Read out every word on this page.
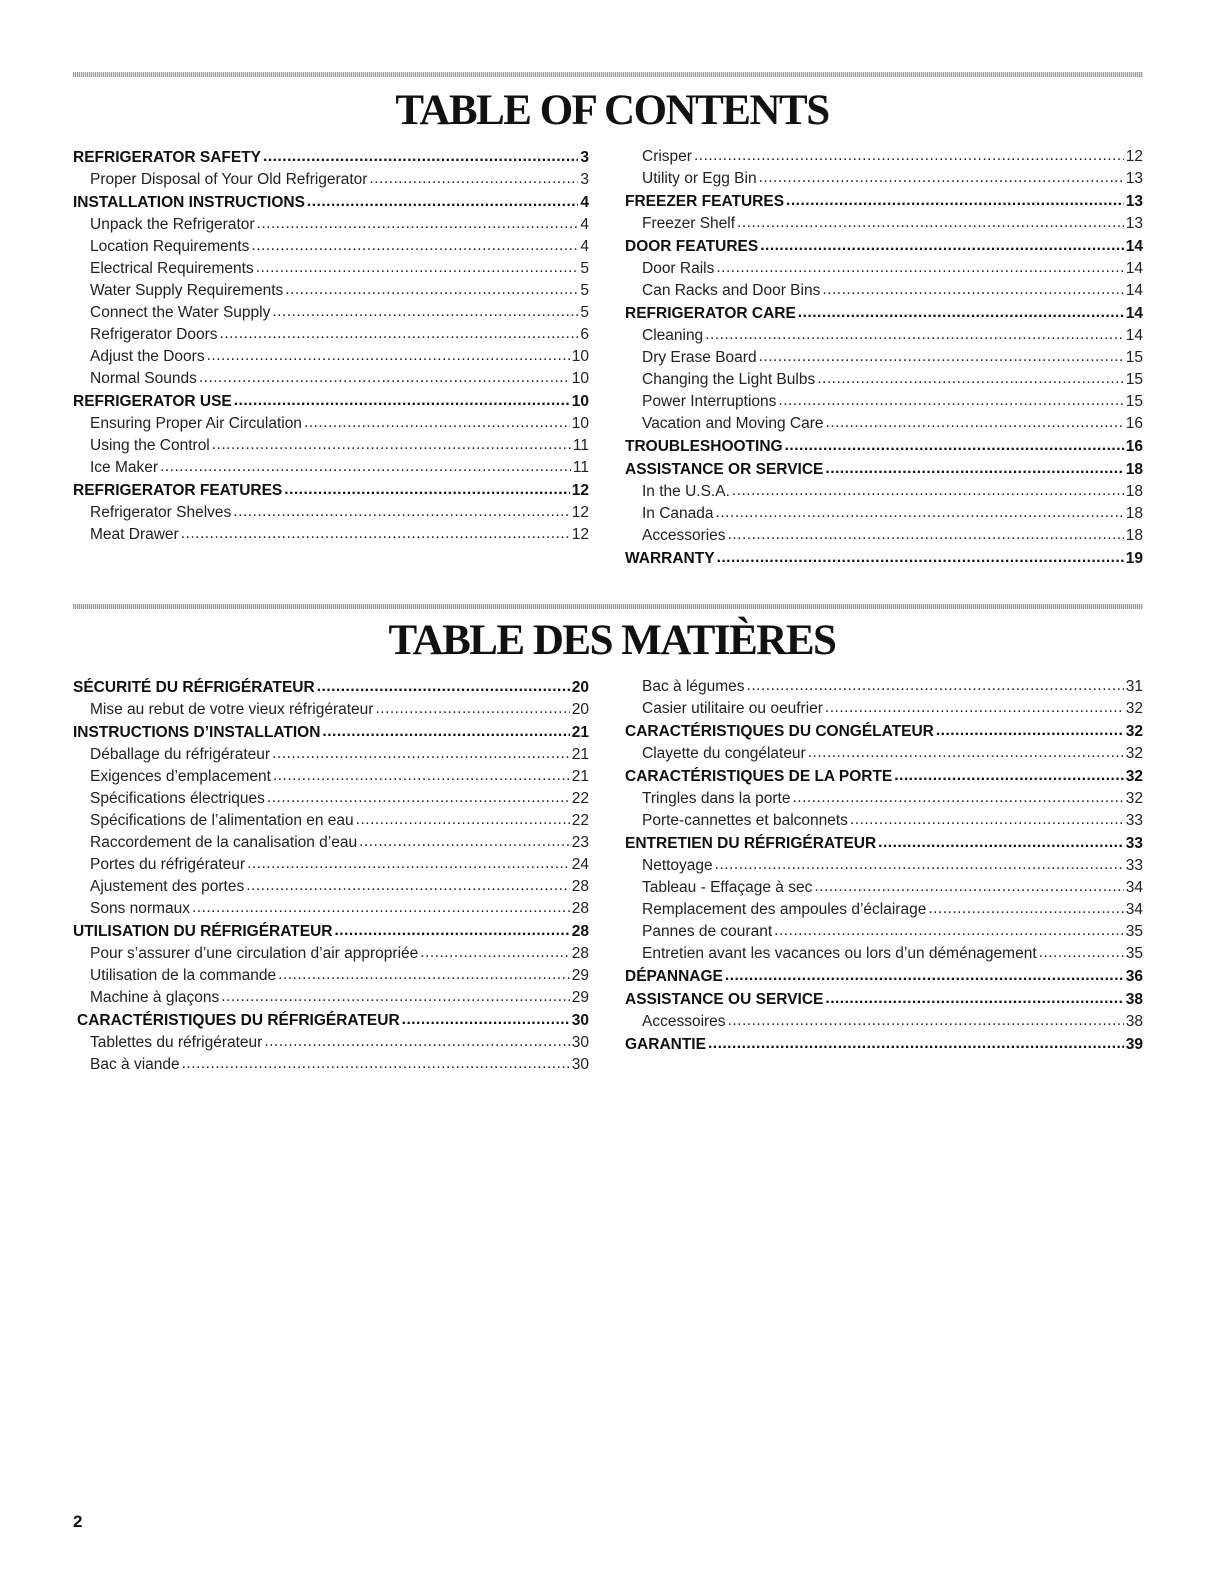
TABLE OF CONTENTS
REFRIGERATOR SAFETY .....	3
Proper Disposal of Your Old Refrigerator .....	3
INSTALLATION INSTRUCTIONS .....	4
Unpack the Refrigerator .....	4
Location Requirements .....	4
Electrical Requirements .....	5
Water Supply Requirements .....	5
Connect the Water Supply .....	5
Refrigerator Doors .....	6
Adjust the Doors .....	10
Normal Sounds .....	10
REFRIGERATOR USE .....	10
Ensuring Proper Air Circulation .....	10
Using the Control .....	11
Ice Maker .....	11
REFRIGERATOR FEATURES .....	12
Refrigerator Shelves .....	12
Meat Drawer .....	12
Crisper .....	12
Utility or Egg Bin .....	13
FREEZER FEATURES .....	13
Freezer Shelf .....	13
DOOR FEATURES .....	14
Door Rails .....	14
Can Racks and Door Bins .....	14
REFRIGERATOR CARE .....	14
Cleaning .....	14
Dry Erase Board .....	15
Changing the Light Bulbs .....	15
Power Interruptions .....	15
Vacation and Moving Care .....	16
TROUBLESHOOTING .....	16
ASSISTANCE OR SERVICE .....	18
In the U.S.A. .....	18
In Canada .....	18
Accessories .....	18
WARRANTY .....	19
TABLE DES MATIÈRES
SÉCURITÉ DU RÉFRIGÉRATEUR .....	20
Mise au rebut de votre vieux réfrigérateur .....	20
INSTRUCTIONS D’INSTALLATION .....	21
Déballage du réfrigérateur .....	21
Exigences d’emplacement .....	21
Spécifications électriques .....	22
Spécifications de l’alimentation en eau .....	22
Raccordement de la canalisation d’eau .....	23
Portes du réfrigérateur .....	24
Ajustement des portes .....	28
Sons normaux .....	28
UTILISATION DU RÉFRIGÉRATEUR .....	28
Pour s’assurer d’une circulation d’air appropriée .....	28
Utilisation de la commande .....	29
Machine à glaçons .....	29
CARACTÉRISTIQUES DU RÉFRIGÉRATEUR .....	30
Tablettes du réfrigérateur .....	30
Bac à viande .....	30
Bac à légumes .....	31
Casier utilitaire ou oeufrier .....	32
CARACTÉRISTIQUES DU CONGÉLATEUR .....	32
Clayette du congélateur .....	32
CARACTÉRISTIQUES DE LA PORTE .....	32
Tringles dans la porte .....	32
Porte-cannettes et balconnets .....	33
ENTRETIEN DU RÉFRIGÉRATEUR .....	33
Nettoyage .....	33
Tableau - Effaçage à sec .....	34
Remplacement des ampoules d’éclairage .....	34
Pannes de courant .....	35
Entretien avant les vacances ou lors d’un déménagement .....	35
DÉPANNAGE .....	36
ASSISTANCE OU SERVICE .....	38
Accessoires .....	38
GARANTIE .....	39
2
